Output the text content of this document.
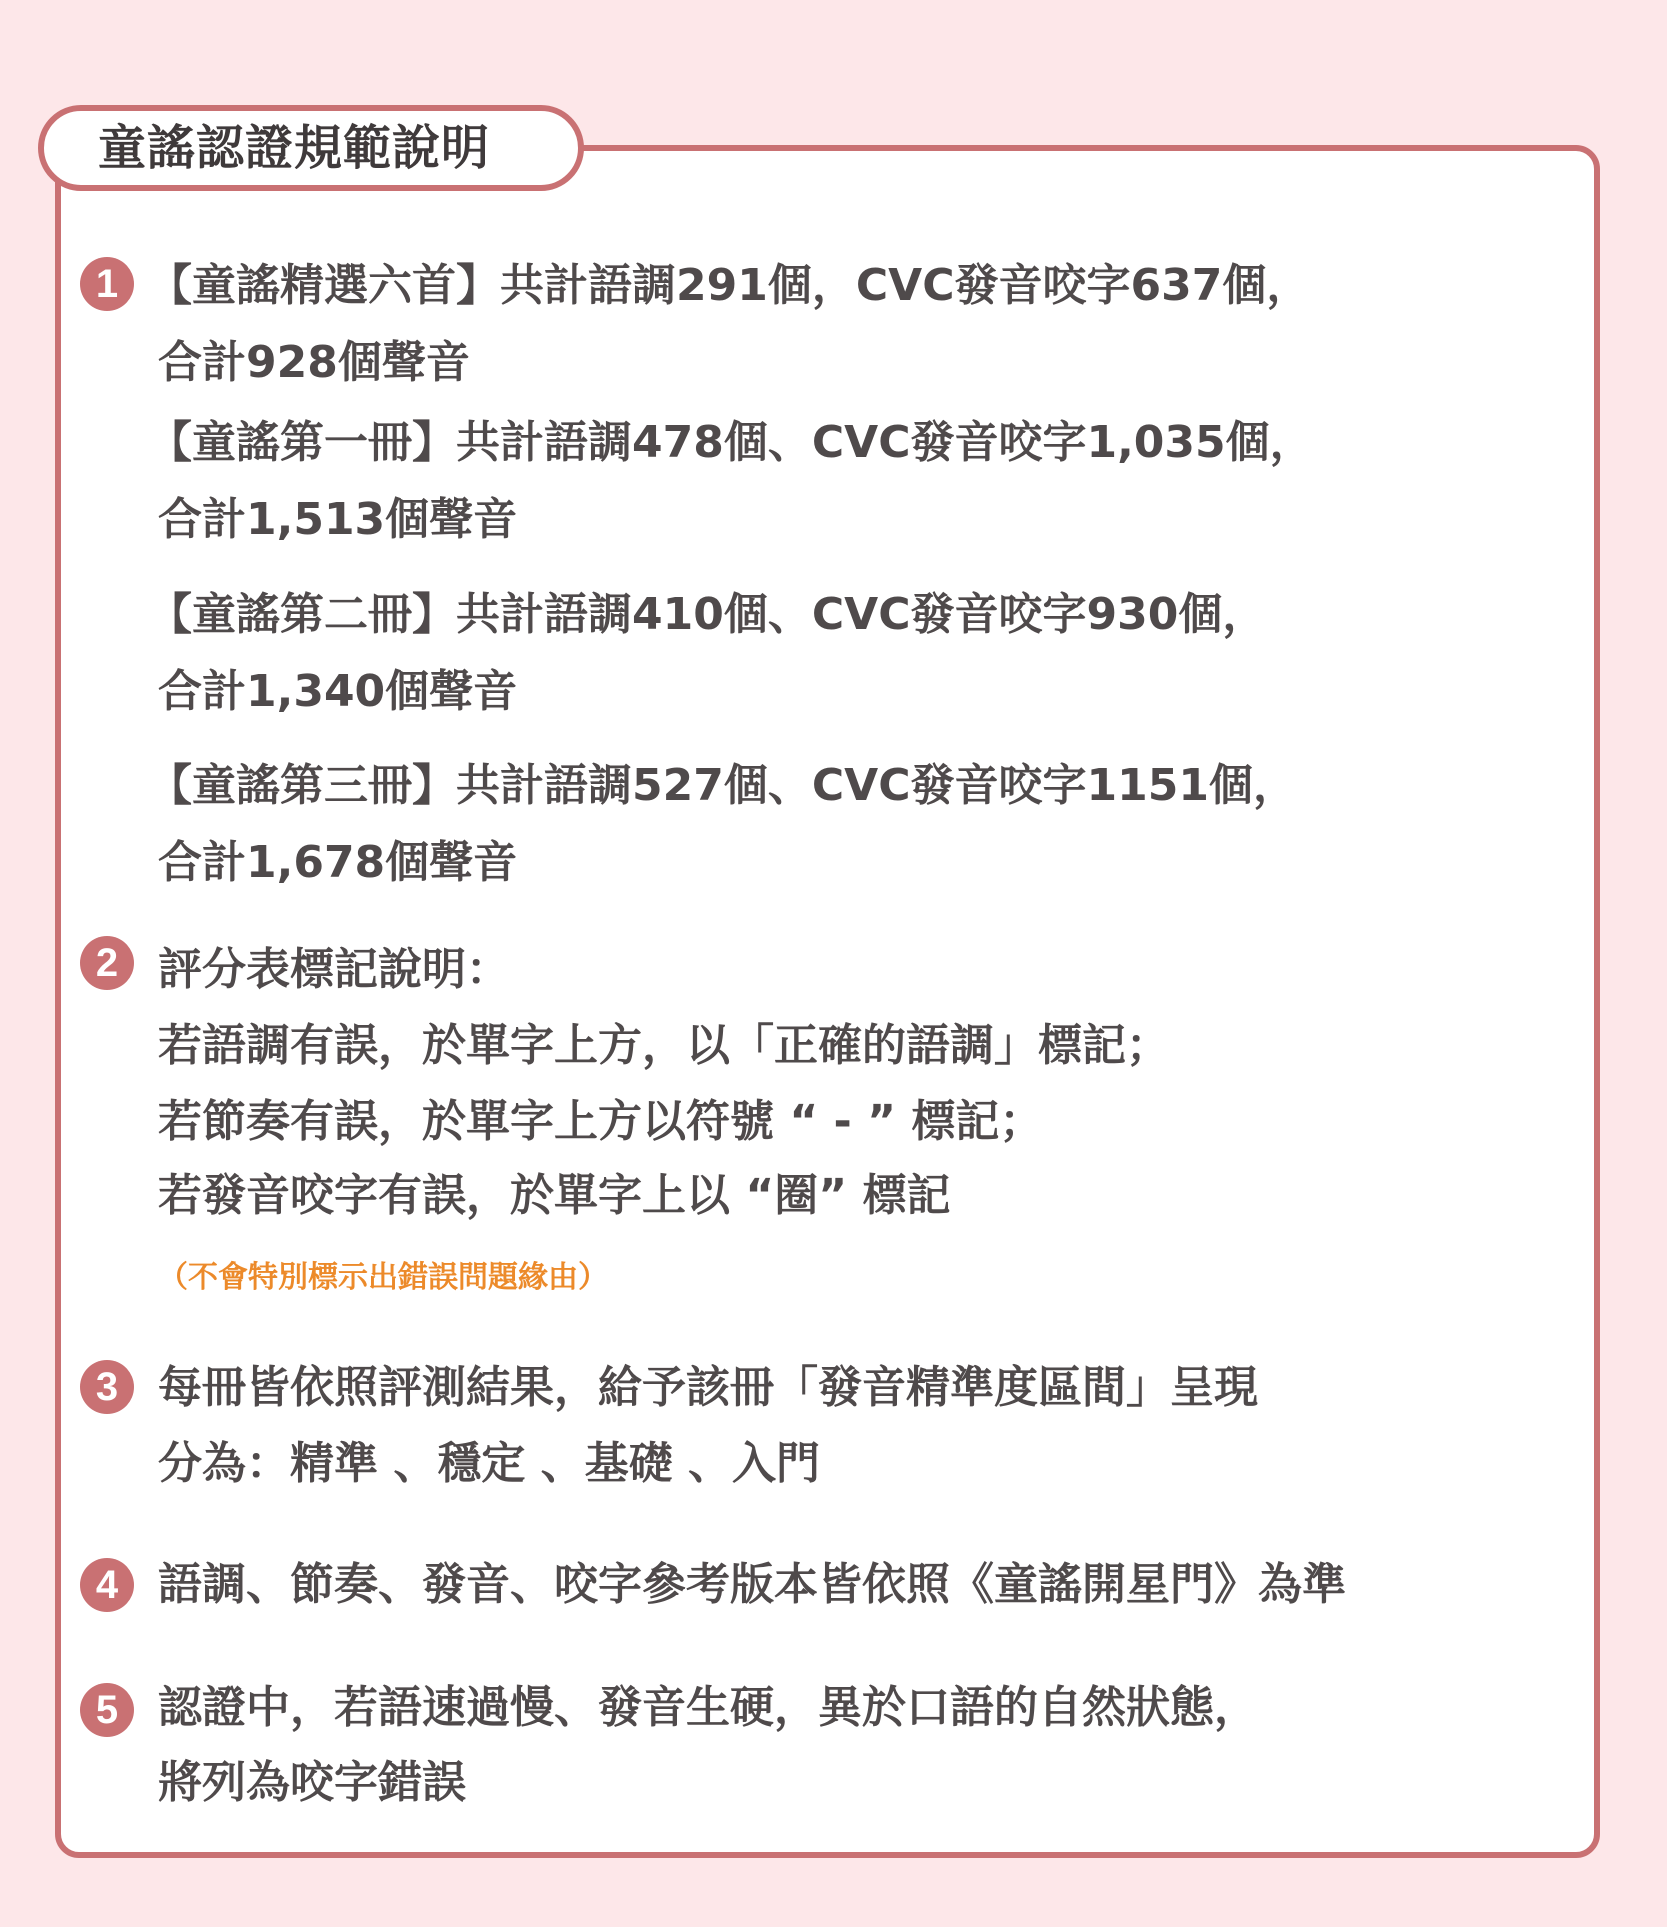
童謠認證規範說明
1 【童謠精選六首】共計語調291個，CVC發音咬字637個，
合計928個聲音
【童謠第一冊】共計語調478個、CVC發音咬字1,035個，
合計1,513個聲音
【童謠第二冊】共計語調410個、CVC發音咬字930個，
合計1,340個聲音
【童謠第三冊】共計語調527個、CVC發音咬字1151個，
合計1,678個聲音
2 評分表標記說明：
若語調有誤，於單字上方，以「正確的語調」標記；
若節奏有誤，於單字上方以符號 “ - ” 標記；
若發音咬字有誤，於單字上以 “圈” 標記
（不會特別標示出錯誤問題緣由）
3 每冊皆依照評測結果，給予該冊「發音精準度區間」呈現
分為：精準 、穩定 、基礎 、入門
4 語調、節奏、發音、咬字參考版本皆依照《童謠開星門》為準
5 認證中，若語速過慢、發音生硬，異於口語的自然狀態，
將列為咬字錯誤
